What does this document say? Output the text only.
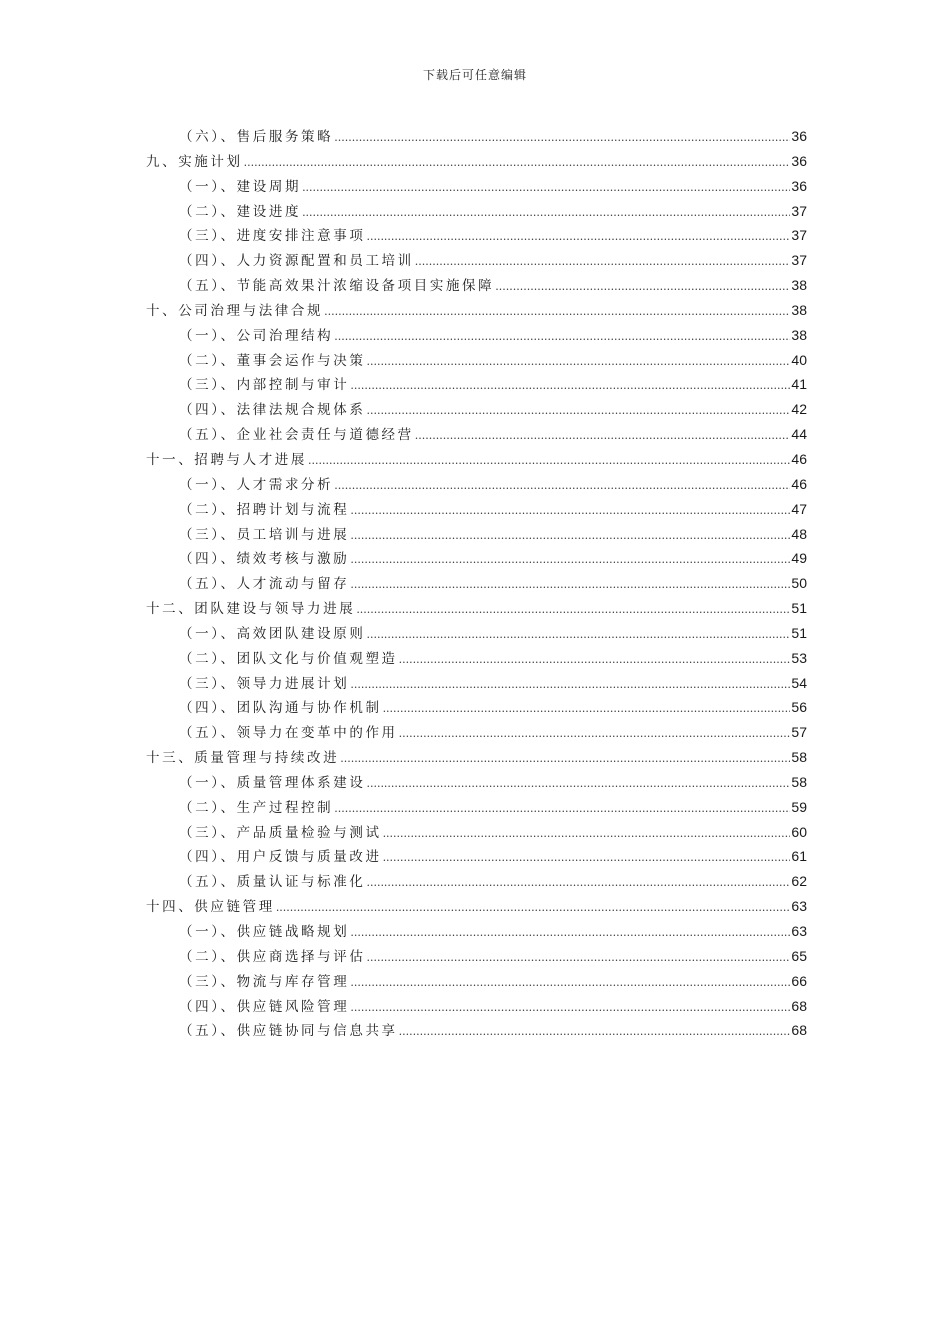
下载后可任意编辑
（六）、售后服务策略 .....	36
九、实施计划 .....	36
（一）、建设周期 .....	36
（二）、建设进度 .....	37
（三）、进度安排注意事项 .....	37
（四）、人力资源配置和员工培训 .....	37
（五）、节能高效果汁浓缩设备项目实施保障 .....	38
十、公司治理与法律合规 .....	38
（一）、公司治理结构 .....	38
（二）、董事会运作与决策 .....	40
（三）、内部控制与审计 .....	41
（四）、法律法规合规体系 .....	42
（五）、企业社会责任与道德经营 .....	44
十一、招聘与人才进展 .....	46
（一）、人才需求分析 .....	46
（二）、招聘计划与流程 .....	47
（三）、员工培训与进展 .....	48
（四）、绩效考核与激励 .....	49
（五）、人才流动与留存 .....	50
十二、团队建设与领导力进展 .....	51
（一）、高效团队建设原则 .....	51
（二）、团队文化与价值观塑造 .....	53
（三）、领导力进展计划 .....	54
（四）、团队沟通与协作机制 .....	56
（五）、领导力在变革中的作用 .....	57
十三、质量管理与持续改进 .....	58
（一）、质量管理体系建设 .....	58
（二）、生产过程控制 .....	59
（三）、产品质量检验与测试 .....	60
（四）、用户反馈与质量改进 .....	61
（五）、质量认证与标准化 .....	62
十四、供应链管理 .....	63
（一）、供应链战略规划 .....	63
（二）、供应商选择与评估 .....	65
（三）、物流与库存管理 .....	66
（四）、供应链风险管理 .....	68
（五）、供应链协同与信息共享 .....	68
